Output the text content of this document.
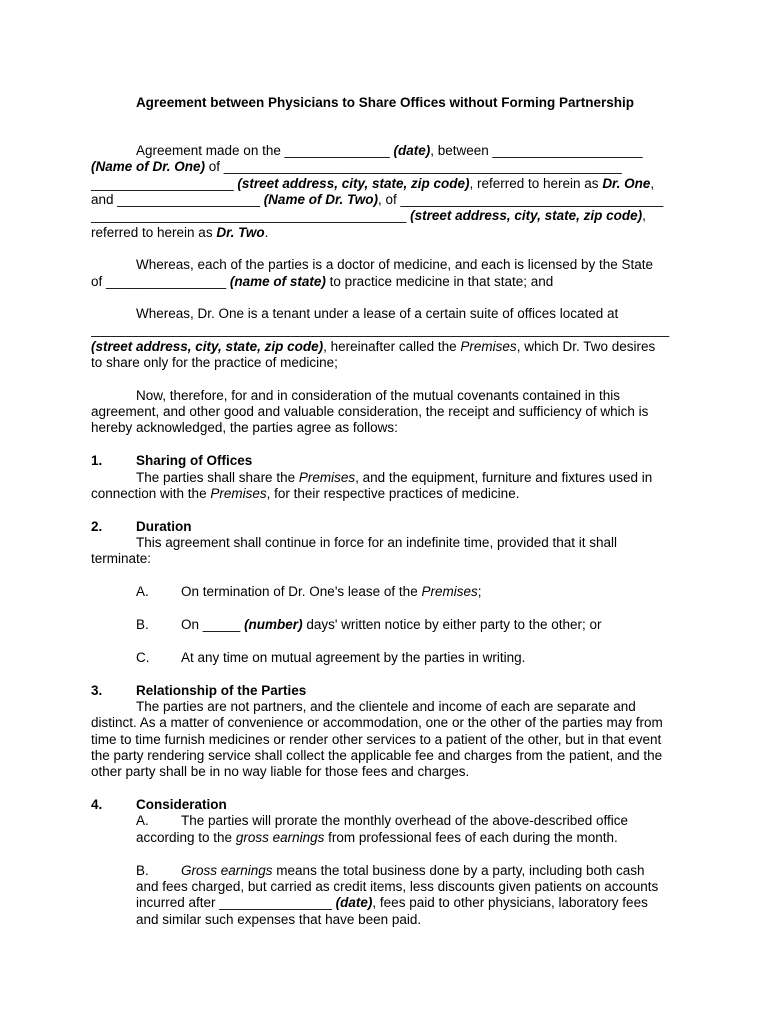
Agreement between Physicians to Share Offices without Forming Partnership
Agreement made on the ______________ (date), between ____________________
(Name of Dr. One) of _____________________________________________________
___________________ (street address, city, state, zip code), referred to herein as Dr. One,
and ___________________ (Name of Dr. Two), of ___________________________________
__________________________________________ (street address, city, state, zip code),
referred to herein as Dr. Two.
Whereas, each of the parties is a doctor of medicine, and each is licensed by the State
of ________________ (name of state) to practice medicine in that state; and
Whereas, Dr. One is a tenant under a lease of a certain suite of offices located at
_____________________________________________________________________________
(street address, city, state, zip code), hereinafter called the Premises, which Dr. Two desires
to share only for the practice of medicine;
Now, therefore, for and in consideration of the mutual covenants contained in this
agreement, and other good and valuable consideration, the receipt and sufficiency of which is
hereby acknowledged, the parties agree as follows:
1. Sharing of Offices
The parties shall share the Premises, and the equipment, furniture and fixtures used in
connection with the Premises, for their respective practices of medicine.
2. Duration
This agreement shall continue in force for an indefinite time, provided that it shall
terminate:
A.	On termination of Dr. One's lease of the Premises;
B.	On _____ (number) days' written notice by either party to the other; or
C.	At any time on mutual agreement by the parties in writing.
3. Relationship of the Parties
The parties are not partners, and the clientele and income of each are separate and
distinct. As a matter of convenience or accommodation, one or the other of the parties may from
time to time furnish medicines or render other services to a patient of the other, but in that event
the party rendering service shall collect the applicable fee and charges from the patient, and the
other party shall be in no way liable for those fees and charges.
4. Consideration
A.	The parties will prorate the monthly overhead of the above-described office
according to the gross earnings from professional fees of each during the month.
B.	Gross earnings means the total business done by a party, including both cash
and fees charged, but carried as credit items, less discounts given patients on accounts
incurred after _______________ (date), fees paid to other physicians, laboratory fees
and similar such expenses that have been paid.
